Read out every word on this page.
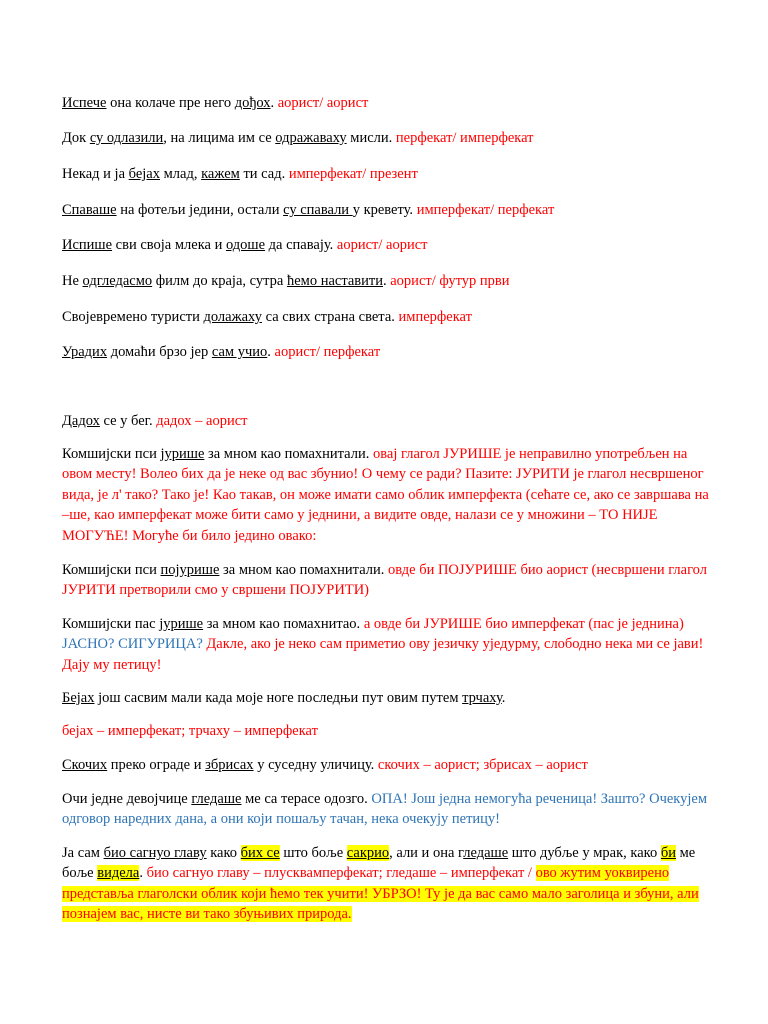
Испече она колаче пре него дођох. аорист/ аорист

Док су одлазили, на лицима им се одражаваху мисли. перфекат/ имперфекат

Некад и ја бејах млад, кажем ти сад. имперфекат/ презент

Спаваше на фотељи једини, остали су спавали у кревету. имперфекат/ перфекат

Испише сви своја млека и одоше да спавају. аорист/ аорист

Не одгледасмо филм до краја, сутра ћемо наставити. аорист/ футур први

Својевремено туристи долажаху са свих страна света. имперфекат

Урадих домаћи брзо јер сам учио. аорист/ перфекат

Дадох се у бег. дадох – аорист

Комшијски пси јурише за мном као помахнитали. овај глагол ЈУРИШЕ је неправилно употребљен на овом месту! Волео бих да је неке од вас збунио! О чему се ради? Пазите: ЈУРИТИ је глагол несвршеног вида, је л' тако? Тако је! Као такав, он може имати само облик имперфекта (сећате се, ако се завршава на –ше, као имперфекат може бити само у једнини, а видите овде, налази се у множини – ТО НИЈЕ МОГУЋЕ! Могуће би било једино овако:

Комшијски пси појурише за мном као помахнитали. овде би ПОЈУРИШЕ био аорист (несвршени глагол ЈУРИТИ претворили смо у свршени ПОЈУРИТИ)

Комшијски пас јурише за мном као помахнитао. а овде би ЈУРИШЕ био имперфекат (пас је једнина) ЈАСНО? СИГУРИЦА? Дакле, ако је неко сам приметио ову језичку уједурму, слободно нека ми се јави! Дају му петицу!

Бејах још сасвим мали када моје ноге последњи пут овим путем трчаху.

бејах – имперфекат; трчаху – имперфекат

Скочих преко ограде и збрисах у суседну уличицу. скочих – аорист; збрисах – аорист

Очи једне девојчице гледаше ме са терасе одозго. ОПА! Још једна немогућа реченица! Зашто? Очекујем одговор наредних дана, а они који пошаљу тачан, нека очекују петицу!

Ја сам био сагнуо главу како бих се што боље сакрио, али и она гледаше што дубље у мрак, како би ме боље видела. био сагнуо главу – плусквамперфекат; гледаше – имперфекат / ово жутим уоквирено представља глаголски облик који ћемо тек учити! УБРЗО! Ту је да вас само мало заголица и збуни, али познајем вас, нисте ви тако збуњивих природа.
